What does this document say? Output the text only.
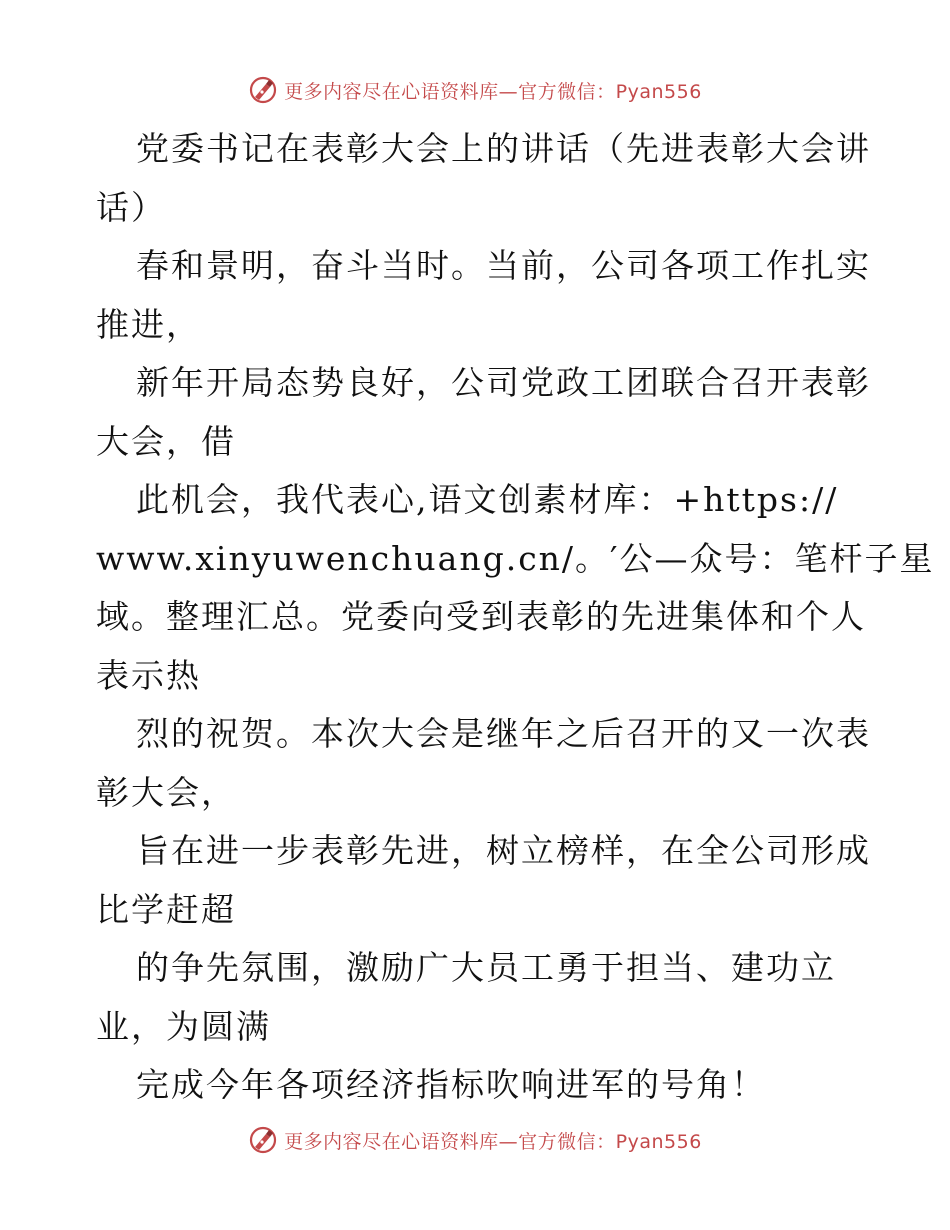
更多内容尽在心语资料库—官方微信：Pyan556
党委书记在表彰大会上的讲话（先进表彰大会讲
话）
春和景明，奋斗当时。当前，公司各项工作扎实
推进，
新年开局态势良好，公司党政工团联合召开表彰
大会，借
此机会，我代表心,语文创素材库：+https://
www.xinyuwenchuang.cn/。′公—众号：笔杆子星
域。整理汇总。党委向受到表彰的先进集体和个人
表示热
烈的祝贺。本次大会是继年之后召开的又一次表
彰大会，
旨在进一步表彰先进，树立榜样，在全公司形成
比学赶超
的争先氛围，激励广大员工勇于担当、建功立
业，为圆满
完成今年各项经济指标吹响进军的号角！
更多内容尽在心语资料库—官方微信：Pyan556
